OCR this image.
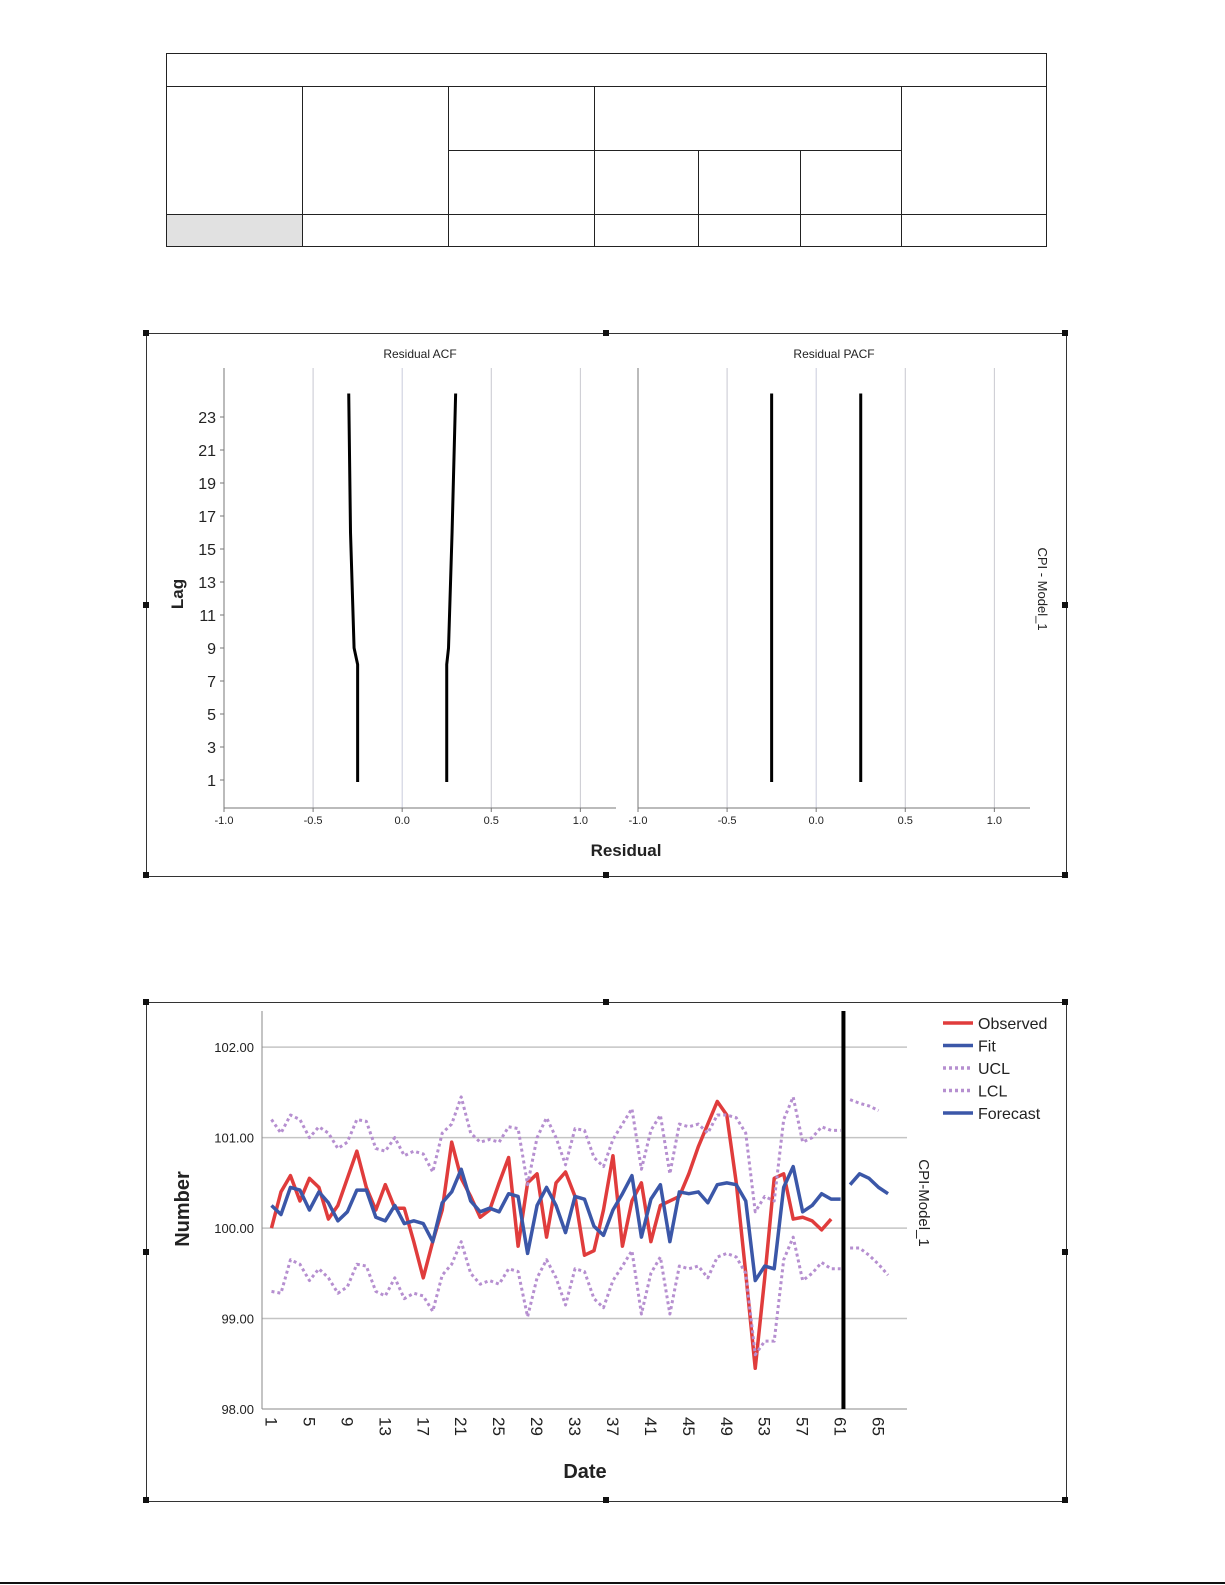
-1.0	-0.5	0.0	0.5	1.0
1
3
5
7
9
11
13
15
17
19
21
23
Residual ACF
-1.0	-0.5	0.0	0.5	1.0
Residual PACF
Residual
Lag	CPI - Model_1
98.00
99.00
100.00
101.00
102.00
1 5 9 13 17 21 25 29 33 37 41 45 49 53 57 61 65
Observed
Fit
UCL
LCL
Forecast
Date
Number	CPI-Model_1
